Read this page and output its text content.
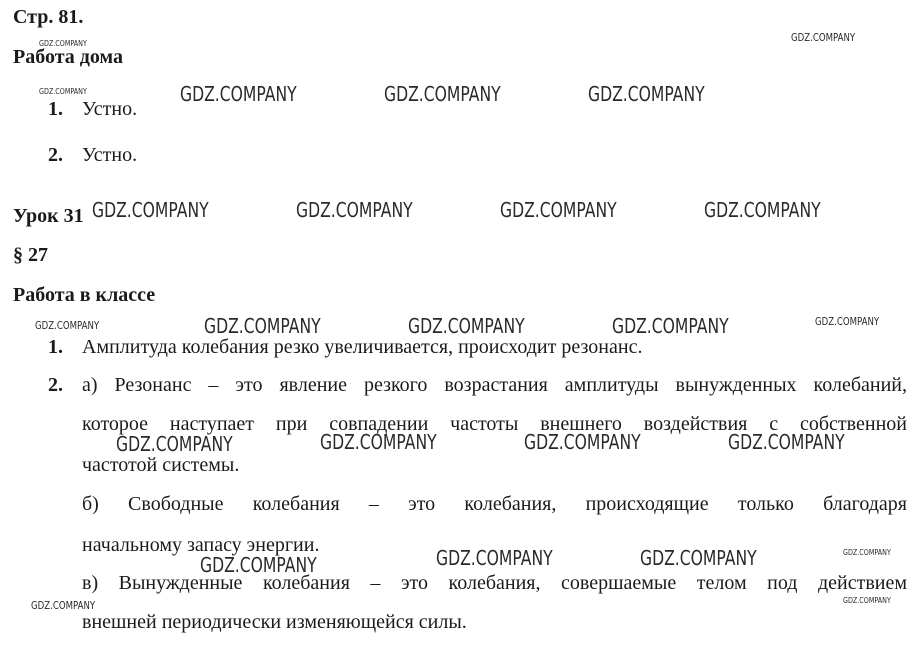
Стр. 81.
Работа дома
1. Устно.
2. Устно.
Урок 31
§ 27
Работа в классе
1. Амплитуда колебания резко увеличивается, происходит резонанс.
2. а) Резонанс – это явление резкого возрастания амплитуды вынужденных колебаний,
которое наступает при совпадении частоты внешнего воздействия с собственной
частотой системы.
б) Свободные колебания – это колебания, происходящие только благодаря
начальному запасу энергии.
в) Вынужденные колебания – это колебания, совершаемые телом под действием
внешней периодически изменяющейся силы.
GDZ.COMPANY
GDZ.COMPANY
GDZ.COMPANY
GDZ.COMPANY	GDZ.COMPANY	GDZ.COMPANY
GDZ.COMPANY	GDZ.COMPANY	GDZ.COMPANY	GDZ.COMPANY
GDZ.COMPANY	GDZ.COMPANY	GDZ.COMPANY	GDZ.COMPANY	GDZ.COMPANY
GDZ.COMPANY	GDZ.COMPANY	GDZ.COMPANY	GDZ.COMPANY
GDZ.COMPANY	GDZ.COMPANY	GDZ.COMPANY	GDZ.COMPANY
GDZ.COMPANY	GDZ.COMPANY
